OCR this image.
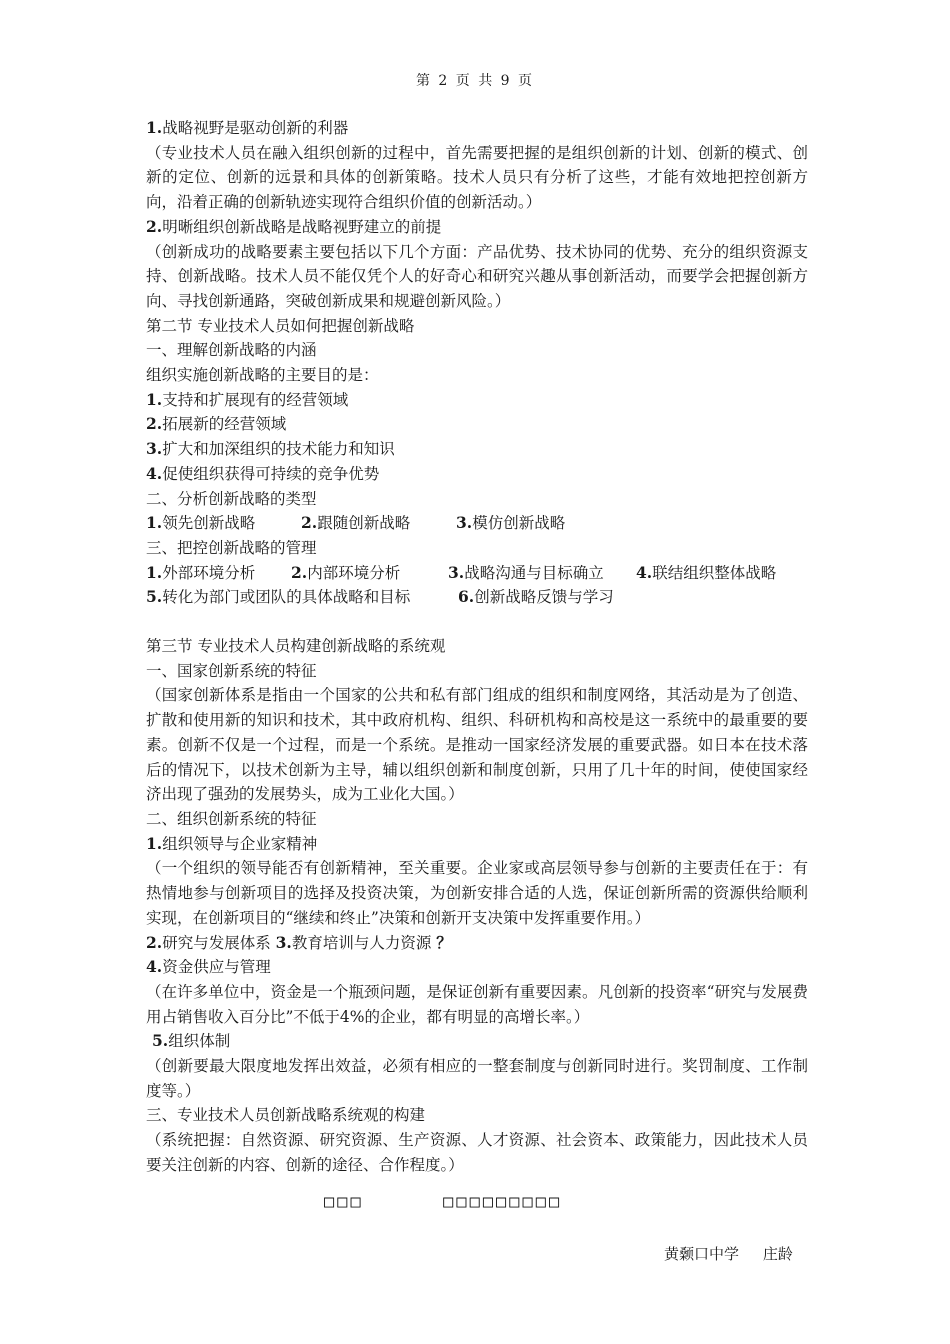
第 2 页 共 9 页

1.战略视野是驱动创新的利器

（专业技术人员在融入组织创新的过程中，首先需要把握的是组织创新的计划、创新的模式、创新的定位、创新的远景和具体的创新策略。技术人员只有分析了这些，才能有效地把控创新方向，沿着正确的创新轨迹实现符合组织价值的创新活动。）

2.明晰组织创新战略是战略视野建立的前提

（创新成功的战略要素主要包括以下几个方面：产品优势、技术协同的优势、充分的组织资源支持、创新战略。技术人员不能仅凭个人的好奇心和研究兴趣从事创新活动，而要学会把握创新方向、寻找创新通路，突破创新成果和规避创新风险。）

第二节 专业技术人员如何把握创新战略

一、理解创新战略的内涵

组织实施创新战略的主要目的是：

1.支持和扩展现有的经营领域

2.拓展新的经营领域

3.扩大和加深组织的技术能力和知识

4.促使组织获得可持续的竞争优势

二、分析创新战略的类型

1.领先创新战略	2.跟随创新战略	3.模仿创新战略

三、把控创新战略的管理

1.外部环境分析	2.内部环境分析	3.战略沟通与目标确立	4.联结组织整体战略
5.转化为部门或团队的具体战略和目标	6.创新战略反馈与学习

第三节 专业技术人员构建创新战略的系统观

一、国家创新系统的特征

（国家创新体系是指由一个国家的公共和私有部门组成的组织和制度网络，其活动是为了创造、扩散和使用新的知识和技术，其中政府机构、组织、科研机构和高校是这一系统中的最重要的要素。创新不仅是一个过程，而是一个系统。是推动一国家经济发展的重要武器。如日本在技术落后的情况下，以技术创新为主导，辅以组织创新和制度创新，只用了几十年的时间，使使国家经济出现了强劲的发展势头，成为工业化大国。）

二、组织创新系统的特征

1.组织领导与企业家精神

（一个组织的领导能否有创新精神，至关重要。企业家或高层领导参与创新的主要责任在于：有热情地参与创新项目的选择及投资决策，为创新安排合适的人选，保证创新所需的资源供给顺利实现，在创新项目的“继续和终止”决策和创新开支决策中发挥重要作用。）

2.研究与发展体系 3.教育培训与人力资源 ？

4.资金供应与管理

（在许多单位中，资金是一个瓶颈问题，是保证创新有重要因素。凡创新的投资率“研究与发展费用占销售收入百分比”不低于4%的企业，都有明显的高增长率。）

5.组织体制

（创新要最大限度地发挥出效益，必须有相应的一整套制度与创新同时进行。奖罚制度、工作制度等。）

三、专业技术人员创新战略系统观的构建

（系统把握：自然资源、研究资源、生产资源、人才资源、社会资本、政策能力，因此技术人员要关注创新的内容、创新的途径、合作程度。）

□□□      □□□□□□□□□
黄颡口中学 庄龄
